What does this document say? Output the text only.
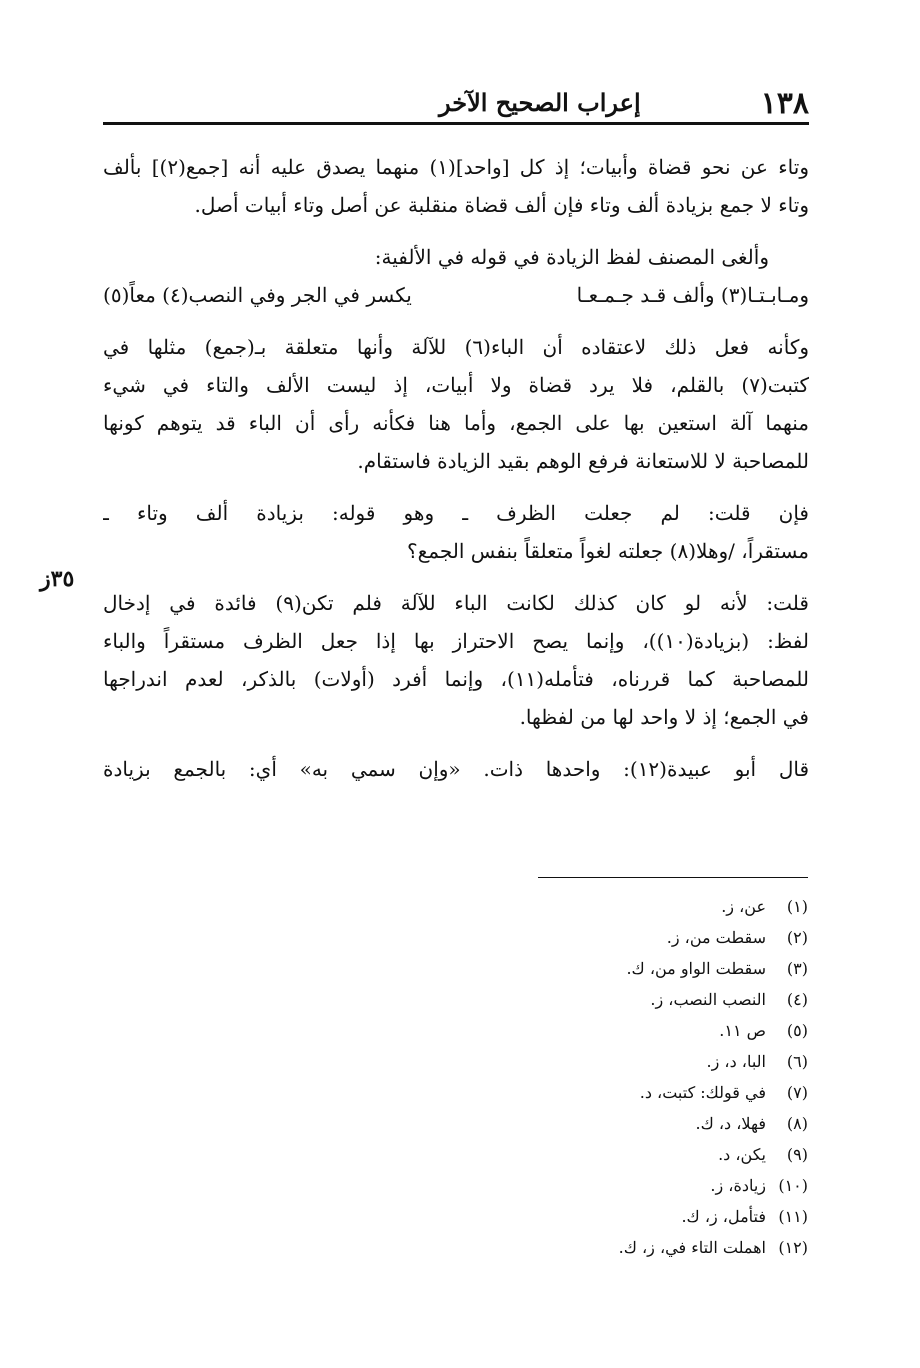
١٣٨
إعراب الصحيح الآخر
وتاء عن نحو قضاة وأبيات؛ إذ كل [واحد](١) منهما يصدق عليه أنه [جمع(٢)] بألف
وتاء لا جمع بزيادة ألف وتاء فإن ألف قضاة منقلبة عن أصل وتاء أبيات أصل.
وألغى المصنف لفظ الزيادة في قوله في الألفية:
ومـابـتـا(٣) وألف قـد جـمـعـا
يكسر في الجر وفي النصب(٤) معاً(٥)
وكأنه فعل ذلك لاعتقاده أن الباء(٦) للآلة وأنها متعلقة بـ(جمع) مثلها في
كتبت(٧) بالقلم، فلا يرد قضاة ولا أبيات، إذ ليست الألف والتاء في شيء
منهما آلة استعين بها على الجمع، وأما هنا فكأنه رأى أن الباء قد يتوهم كونها
للمصاحبة لا للاستعانة فرفع الوهم بقيد الزيادة فاستقام.
فإن قلت: لم جعلت الظرف ـ وهو قوله: بزيادة ألف وتاء ـ
مستقراً، /وهلا(٨) جعلته لغواً متعلقاً بنفس الجمع؟
قلت: لأنه لو كان كذلك لكانت الباء للآلة فلم تكن(٩) فائدة في إدخال
لفظ: (بزيادة(١٠))، وإنما يصح الاحتراز بها إذا جعل الظرف مستقراً والباء
للمصاحبة كما قررناه، فتأمله(١١)، وإنما أفرد (أولات) بالذكر، لعدم اندراجها
في الجمع؛ إذ لا واحد لها من لفظها.
قال أبو عبيدة(١٢): واحدها ذات. «وإن سمي به» أي: بالجمع بزيادة
٣٥ز
(١)
عن، ز.
(٢)
سقطت من، ز.
(٣)
سقطت الواو من، ك.
(٤)
النصب النصب، ز.
(٥)
ص ١١.
(٦)
البا، د، ز.
(٧)
في قولك: كتبت، د.
(٨)
فهلا، د، ك.
(٩)
يكن، د.
(١٠)
زيادة، ز.
(١١)
فتأمل، ز، ك.
(١٢)
اهملت التاء في، ز، ك.
